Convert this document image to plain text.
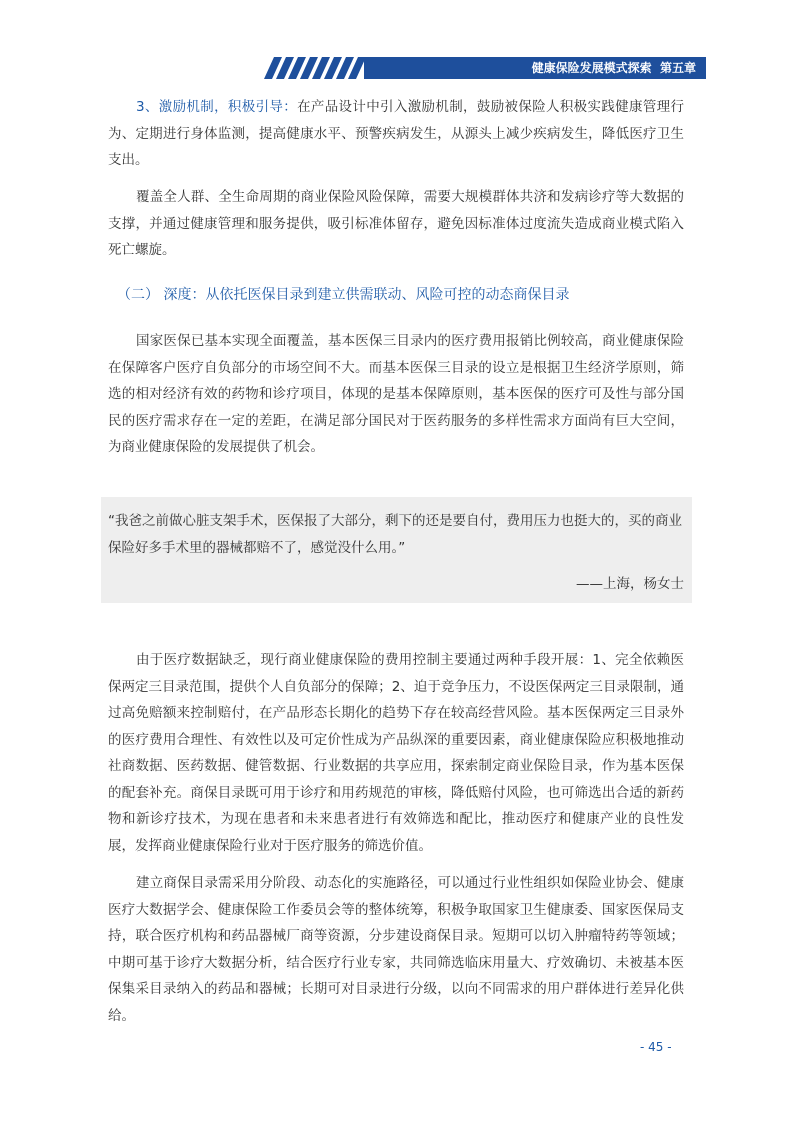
健康保险发展模式探索 第五章

3、激励机制，积极引导：在产品设计中引入激励机制，鼓励被保险人积极实践健康管理行为、定期进行身体监测，提高健康水平、预警疾病发生，从源头上减少疾病发生，降低医疗卫生支出。

覆盖全人群、全生命周期的商业保险风险保障，需要大规模群体共济和发病诊疗等大数据的支撑，并通过健康管理和服务提供，吸引标准体留存，避免因标准体过度流失造成商业模式陷入死亡螺旋。

（二） 深度：从依托医保目录到建立供需联动、风险可控的动态商保目录

国家医保已基本实现全面覆盖，基本医保三目录内的医疗费用报销比例较高，商业健康保险在保障客户医疗自负部分的市场空间不大。而基本医保三目录的设立是根据卫生经济学原则，筛选的相对经济有效的药物和诊疗项目，体现的是基本保障原则，基本医保的医疗可及性与部分国民的医疗需求存在一定的差距，在满足部分国民对于医药服务的多样性需求方面尚有巨大空间，为商业健康保险的发展提供了机会。

“我爸之前做心脏支架手术，医保报了大部分，剩下的还是要自付，费用压力也挺大的，买的商业保险好多手术里的器械都赔不了，感觉没什么用。”

——上海，杨女士

由于医疗数据缺乏，现行商业健康保险的费用控制主要通过两种手段开展：1、完全依赖医保两定三目录范围，提供个人自负部分的保障；2、迫于竞争压力，不设医保两定三目录限制，通过高免赔额来控制赔付，在产品形态长期化的趋势下存在较高经营风险。基本医保两定三目录外的医疗费用合理性、有效性以及可定价性成为产品纵深的重要因素，商业健康保险应积极地推动社商数据、医药数据、健管数据、行业数据的共享应用，探索制定商业保险目录，作为基本医保的配套补充。商保目录既可用于诊疗和用药规范的审核，降低赔付风险，也可筛选出合适的新药物和新诊疗技术，为现在患者和未来患者进行有效筛选和配比，推动医疗和健康产业的良性发展，发挥商业健康保险行业对于医疗服务的筛选价值。

建立商保目录需采用分阶段、动态化的实施路径，可以通过行业性组织如保险业协会、健康医疗大数据学会、健康保险工作委员会等的整体统筹，积极争取国家卫生健康委、国家医保局支持，联合医疗机构和药品器械厂商等资源，分步建设商保目录。短期可以切入肿瘤特药等领域；中期可基于诊疗大数据分析，结合医疗行业专家，共同筛选临床用量大、疗效确切、未被基本医保集采目录纳入的药品和器械；长期可对目录进行分级，以向不同需求的用户群体进行差异化供给。

- 45 -
